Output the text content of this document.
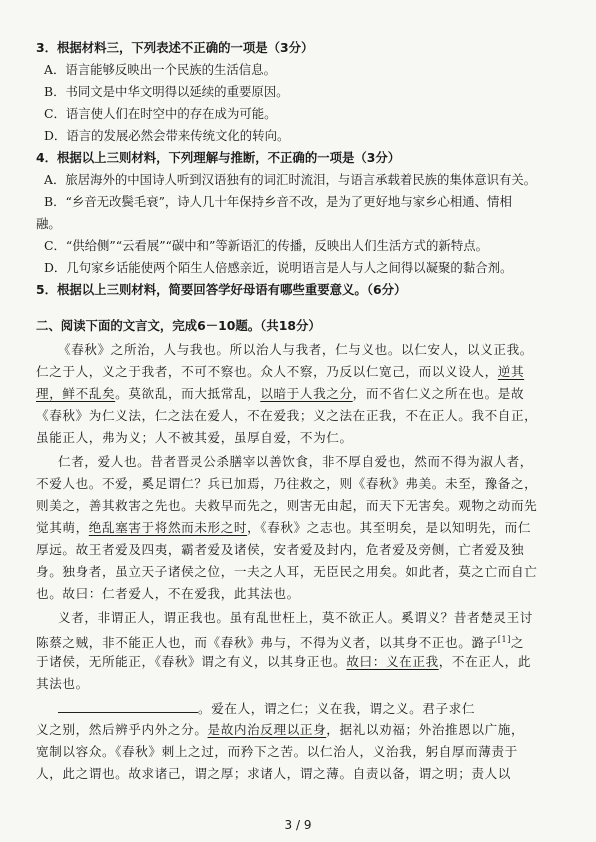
3．根据材料三，下列表述不正确的一项是（3分）
A．语言能够反映出一个民族的生活信息。
B．书同文是中华文明得以延续的重要原因。
C．语言使人们在时空中的存在成为可能。
D．语言的发展必然会带来传统文化的转向。
4．根据以上三则材料，下列理解与推断，不正确的一项是（3分）
A．旅居海外的中国诗人听到汉语独有的词汇时流泪，与语言承载着民族的集体意识有关。
B．“乡音无改鬓毛衰”，诗人几十年保持乡音不改，是为了更好地与家乡心相通、情相
融。
C．“供给侧”“云看展”“碳中和”等新语汇的传播，反映出人们生活方式的新特点。
D．几句家乡话能使两个陌生人倍感亲近，说明语言是人与人之间得以凝聚的黏合剂。
5．根据以上三则材料，简要回答学好母语有哪些重要意义。（6分）
二、阅读下面的文言文，完成6－10题。（共18分）
《春秋》之所治，人与我也。所以治人与我者，仁与义也。以仁安人，以义正我。
仁之于人，义之于我者，不可不察也。众人不察，乃反以仁宽己，而以义设人，逆其
理，鲜不乱矣。莫欲乱，而大抵常乱，以暗于人我之分，而不省仁义之所在也。是故
《春秋》为仁义法，仁之法在爱人，不在爱我；义之法在正我，不在正人。我不自正，
虽能正人，弗为义；人不被其爱，虽厚自爱，不为仁。
仁者，爱人也。昔者晋灵公杀膳宰以善饮食，非不厚自爱也，然而不得为淑人者，
不爱人也。不爱，奚足谓仁？兵已加焉，乃往救之，则《春秋》弗美。未至，豫备之，
则美之，善其救害之先也。夫救早而先之，则害无由起，而天下无害矣。观物之动而先
觉其萌，绝乱塞害于将然而未形之时，《春秋》之志也。其至明矣，是以知明先，而仁
厚远。故王者爱及四夷，霸者爱及诸侯，安者爱及封内，危者爱及旁侧，亡者爱及独
身。独身者，虽立天子诸侯之位，一夫之人耳，无臣民之用矣。如此者，莫之亡而自亡
也。故曰：仁者爱人，不在爱我，此其法也。
义者，非谓正人，谓正我也。虽有乱世枉上，莫不欲正人。奚谓义？昔者楚灵王讨
陈蔡之贼，非不能正人也，而《春秋》弗与，不得为义者，以其身不正也。潞子[1]之
于诸侯，无所能正，《春秋》谓之有义，以其身正也。故曰：义在正我，不在正人，此
其法也。
。爱在人，谓之仁；义在我，谓之义。君子求仁
义之别，然后辨乎内外之分。是故内治反理以正身，据礼以劝福；外治推恩以广施，
宽制以容众。《春秋》刺上之过，而矜下之苦。以仁治人，义治我，躬自厚而薄责于
人，此之谓也。故求诸己，谓之厚；求诸人，谓之薄。自责以备，谓之明；责人以
3 / 9
